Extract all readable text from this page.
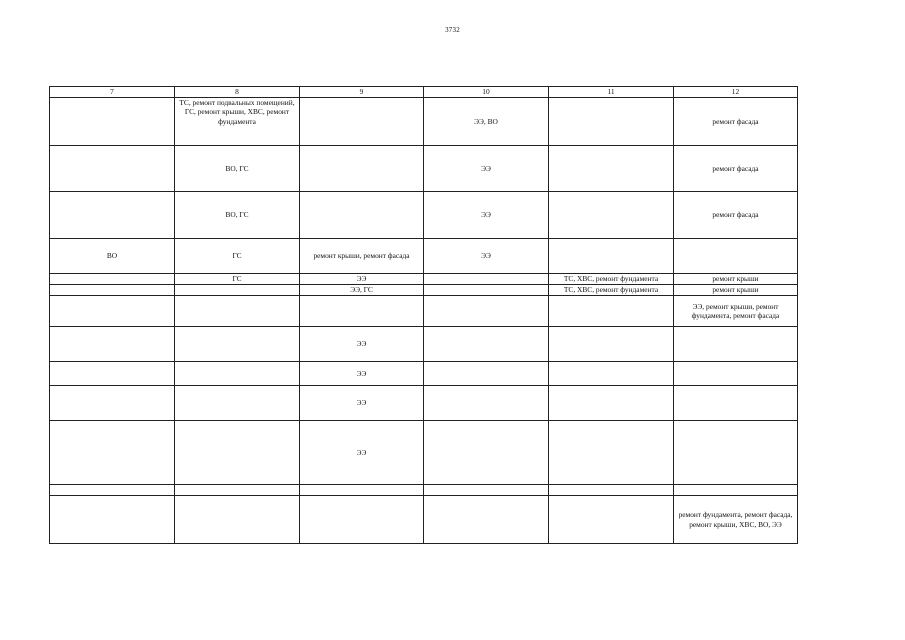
3732
7	8	9	10	11	12
	ТС, ремонт подвальных помещений, ГС, ремонт крыши, ХВС, ремонт фундамента		ЭЭ, ВО		ремонт фасада
	ВО, ГС		ЭЭ		ремонт фасада
	ВО, ГС		ЭЭ		ремонт фасада
ВО	ГС	ремонт крыши, ремонт фасада	ЭЭ		
	ГС	ЭЭ		ТС, ХВС, ремонт фундамента	ремонт крыши
		ЭЭ, ГС		ТС, ХВС, ремонт фундамента	ремонт крыши
					ЭЭ, ремонт крыши, ремонт фундамента, ремонт фасада
		ЭЭ			
		ЭЭ			
		ЭЭ			
		ЭЭ			

					ремонт фундамента, ремонт фасада, ремонт крыши, ХВС, ВО, ЭЭ
